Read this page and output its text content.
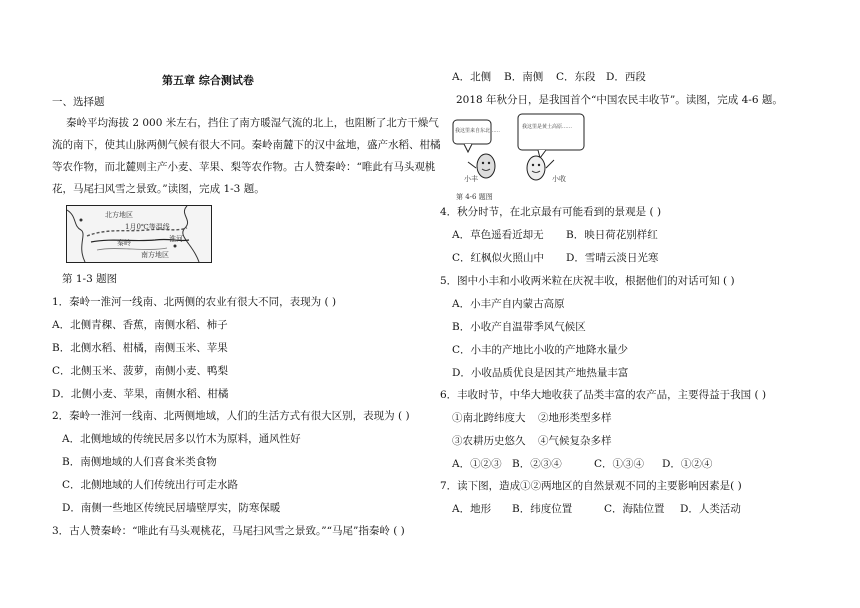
第五章 综合测试卷
一、选择题
秦岭平均海拔 2 000 米左右，挡住了南方暖湿气流的北上，也阻断了北方干燥气
流的南下，使其山脉两侧气候有很大不同。秦岭南麓下的汉中盆地，盛产水稻、柑橘
等农作物，而北麓则主产小麦、苹果、梨等农作物。古人赞秦岭：“唯此有马头观桃
花，马尾扫风雪之景致。”读图，完成 1-3 题。
北方地区
1月0℃等温线
秦岭
南方地区
淮河
第 1-3 题图
1．秦岭一淮河一线南、北两侧的农业有很大不同，表现为 ( )
A．北侧青稞、香蕉，南侧水稻、柿子
B．北侧水稻、柑橘，南侧玉米、苹果
C．北侧玉米、菠萝，南侧小麦、鸭梨
D．北侧小麦、苹果，南侧水稻、柑橘
2．秦岭一淮河一线南、北两侧地域，人们的生活方式有很大区别，表现为 ( )
A．北侧地域的传统民居多以竹木为原料，通风性好
B．南侧地域的人们喜食米类食物
C．北侧地域的人们传统出行可走水路
D．南侧一些地区传统民居墙壁厚实，防寒保暖
3．古人赞秦岭：“唯此有马头观桃花，马尾扫风雪之景致。”“马尾”指秦岭 ( )
A．北侧 B．南侧 C．东段 D．西段
2018 年秋分日，是我国首个“中国农民丰收节”。读图，完成 4-6 题。
我这里来自东北……
我这里是黄土高原……
小丰	小收
第 4-6 题图
4．秋分时节，在北京最有可能看到的景观是 ( )
A．草色遥看近却无 B．映日荷花别样红
C．红枫似火照山中 D．雪晴云淡日光寒
5．图中小丰和小收两米粒在庆祝丰收，根据他们的对话可知 ( )
A．小丰产自内蒙古高原
B．小收产自温带季风气候区
C．小丰的产地比小收的产地降水量少
D．小收品质优良是因其产地热量丰富
6．丰收时节，中华大地收获了品类丰富的农产品，主要得益于我国 ( )
①南北跨纬度大 ②地形类型多样
③农耕历史悠久 ④气候复杂多样
A．①②③ B．②③④	C．①③④ D．①②④
7．读下图，造成①②两地区的自然景观不同的主要影响因素是( )
A．地形 B．纬度位置	C．海陆位置 D．人类活动
